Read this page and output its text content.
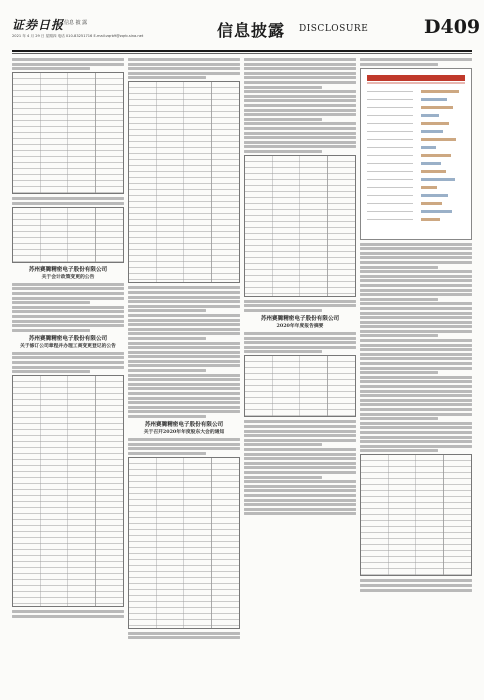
证券日报 信息 披 露
2021 年 4 月 29 日 星期四 电话 010-83251716 E-mail:zqrb9@zqrb.sina.net	信息披露 DISCLOSURE	D409
苏州赛腾精密电子股份有限公司
关于会计政策变更的公告
苏州赛腾精密电子股份有限公司
关于修订公司章程并办理工商变更登记的公告
苏州赛腾精密电子股份有限公司
关于召开2020年年度股东大会的通知
苏州赛腾精密电子股份有限公司
2020年年度报告摘要
